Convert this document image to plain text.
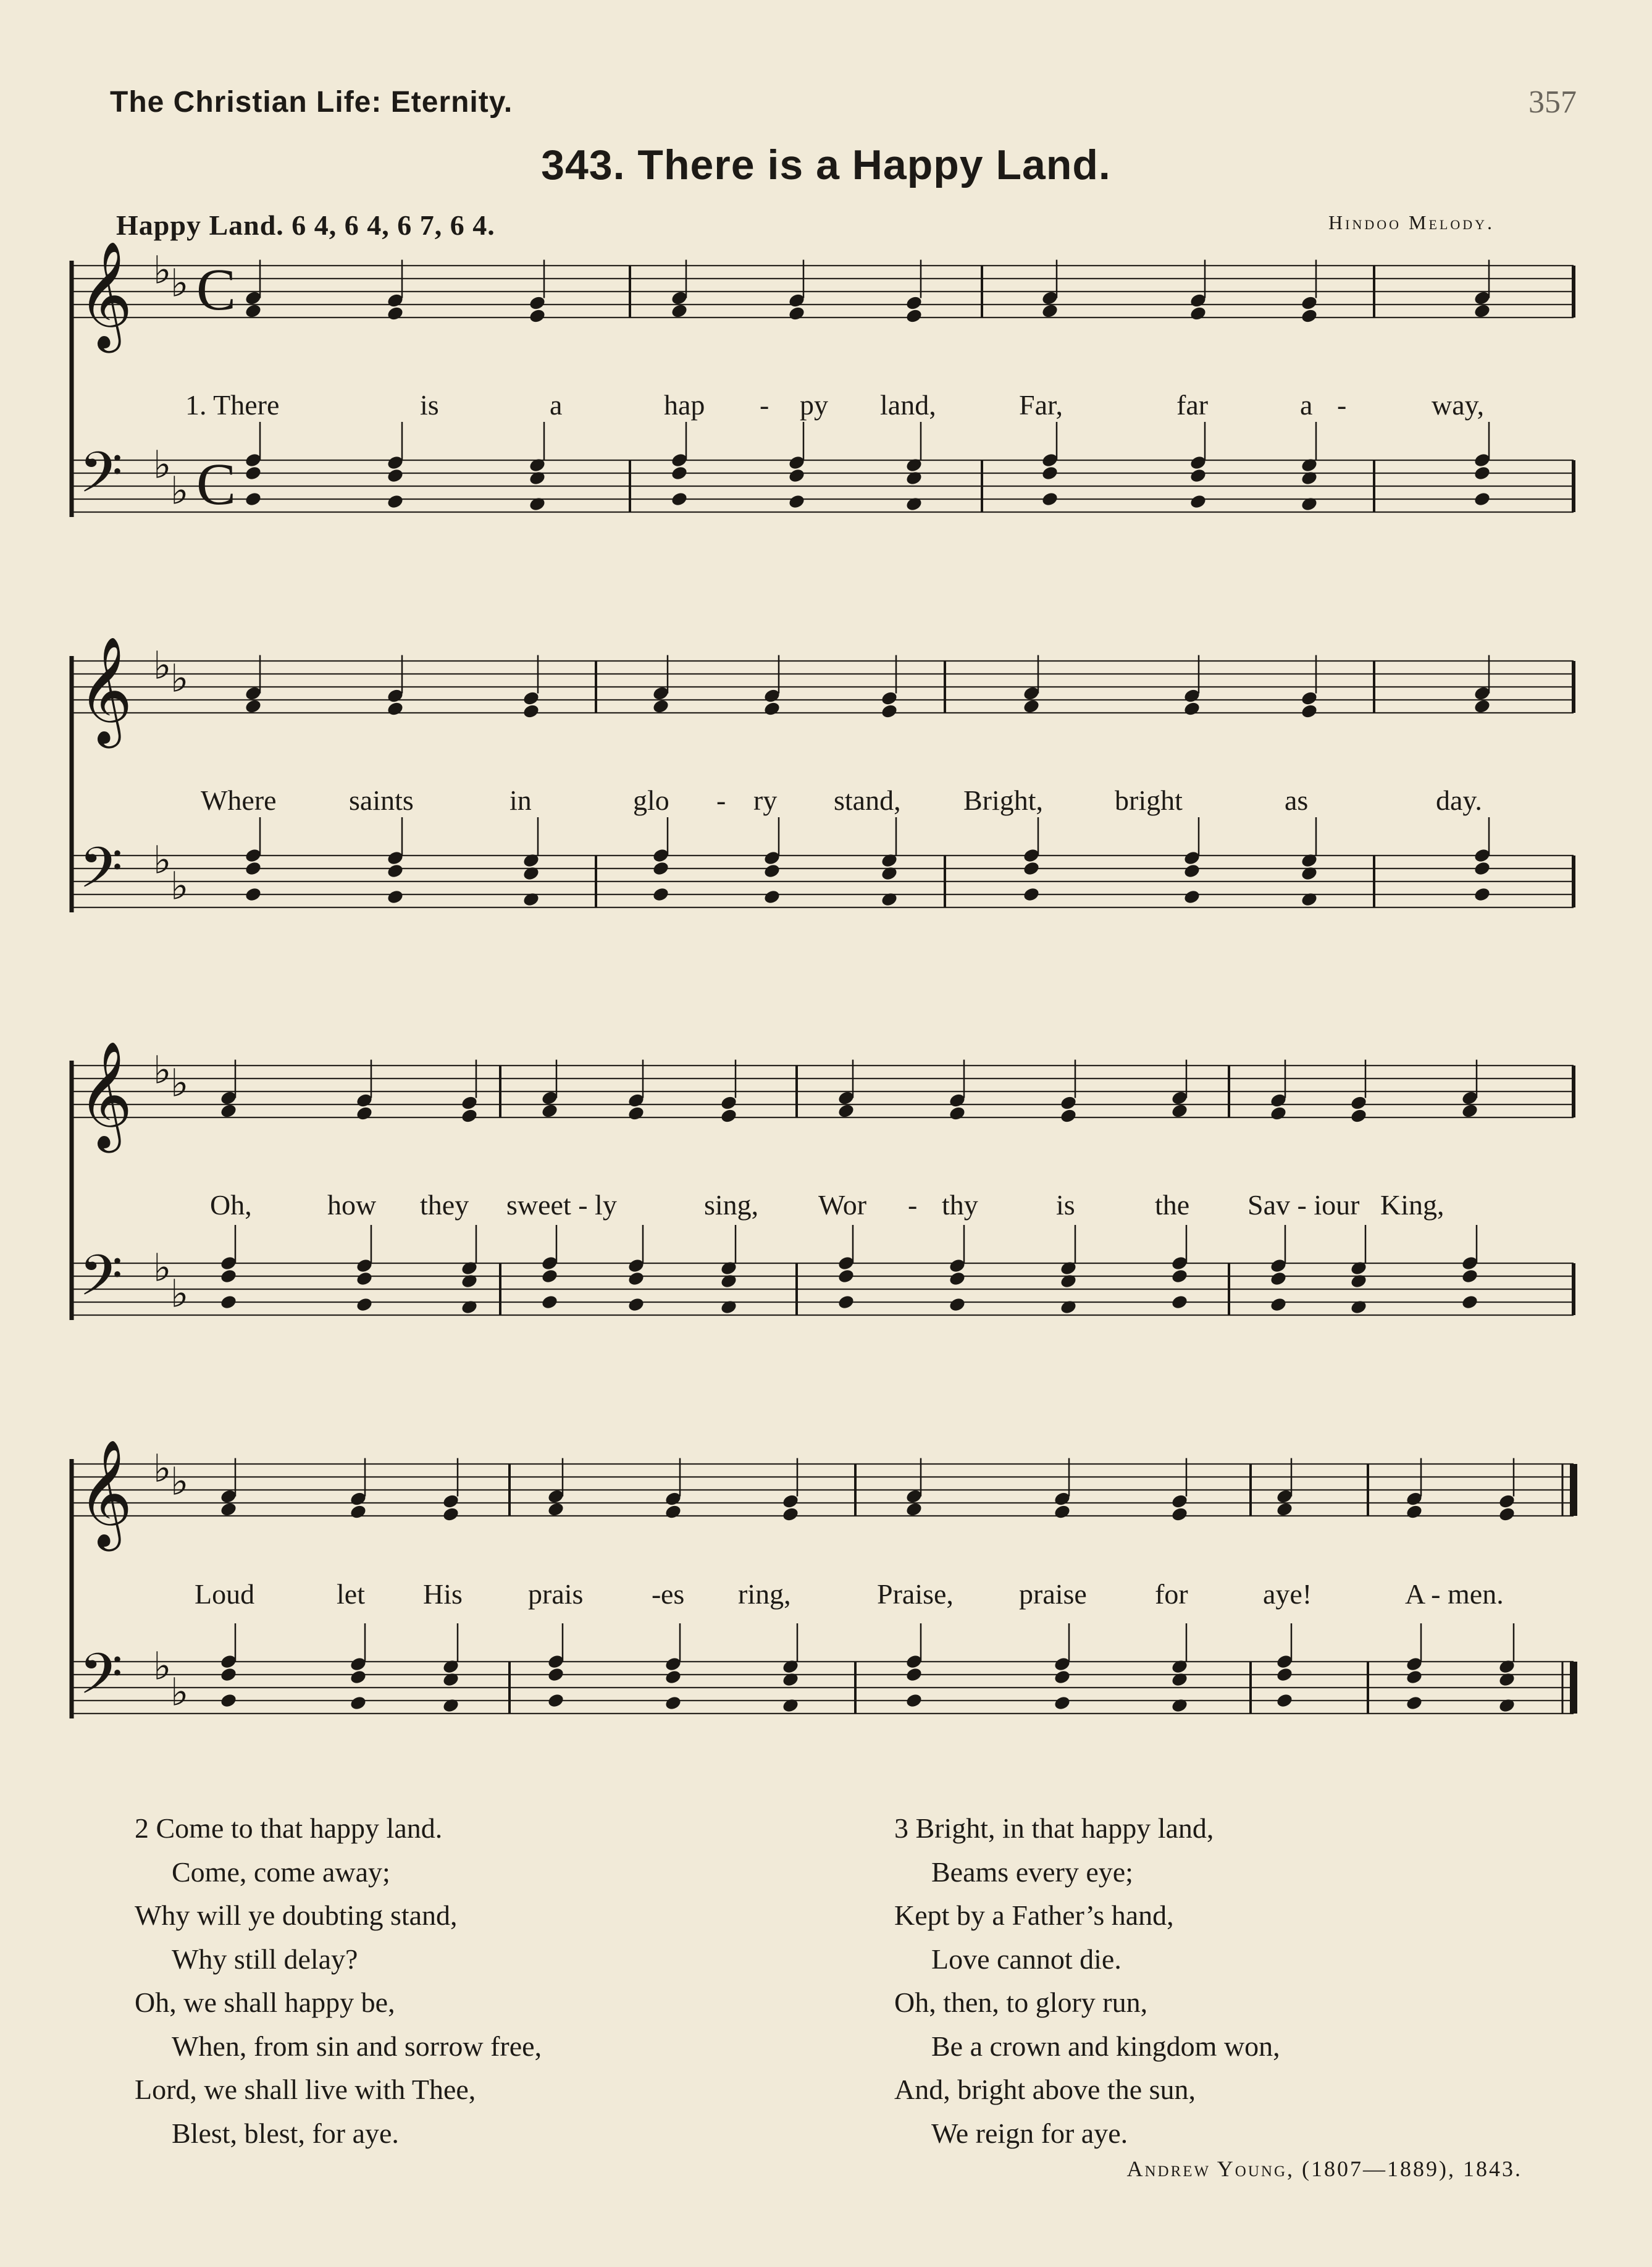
The Christian Life: Eternity.	357
343. There is a Happy Land.
Happy Land. 6 4, 6 4, 6 7, 6 4.	Hindoo Melody.
𝄞
𝄢
♭
♭
♭
♭
C
C
𝄞
𝄢
♭
♭
♭
♭
𝄞
𝄢
♭
♭
♭
♭
𝄞
𝄢
♭
♭
♭
♭
1. There	is	a	hap - py land,	Far,	far	a -	way,
Where	saints	in	glo - ry stand, Bright,	bright	as	day.
Oh,	how they sweet - ly	sing, Wor - thy	is	the Sav - iour King,
Loud	let His prais - es ring,	Praise, praise for	aye!	A - men.
2 Come to that happy land.
Come, come away;
Why will ye doubting stand,
Why still delay?
Oh, we shall happy be,
When, from sin and sorrow free,
Lord, we shall live with Thee,
Blest, blest, for aye.
3 Bright, in that happy land,
Beams every eye;
Kept by a Father’s hand,
Love cannot die.
Oh, then, to glory run,
Be a crown and kingdom won,
And, bright above the sun,
We reign for aye.
Andrew Young, (1807—1889), 1843.
